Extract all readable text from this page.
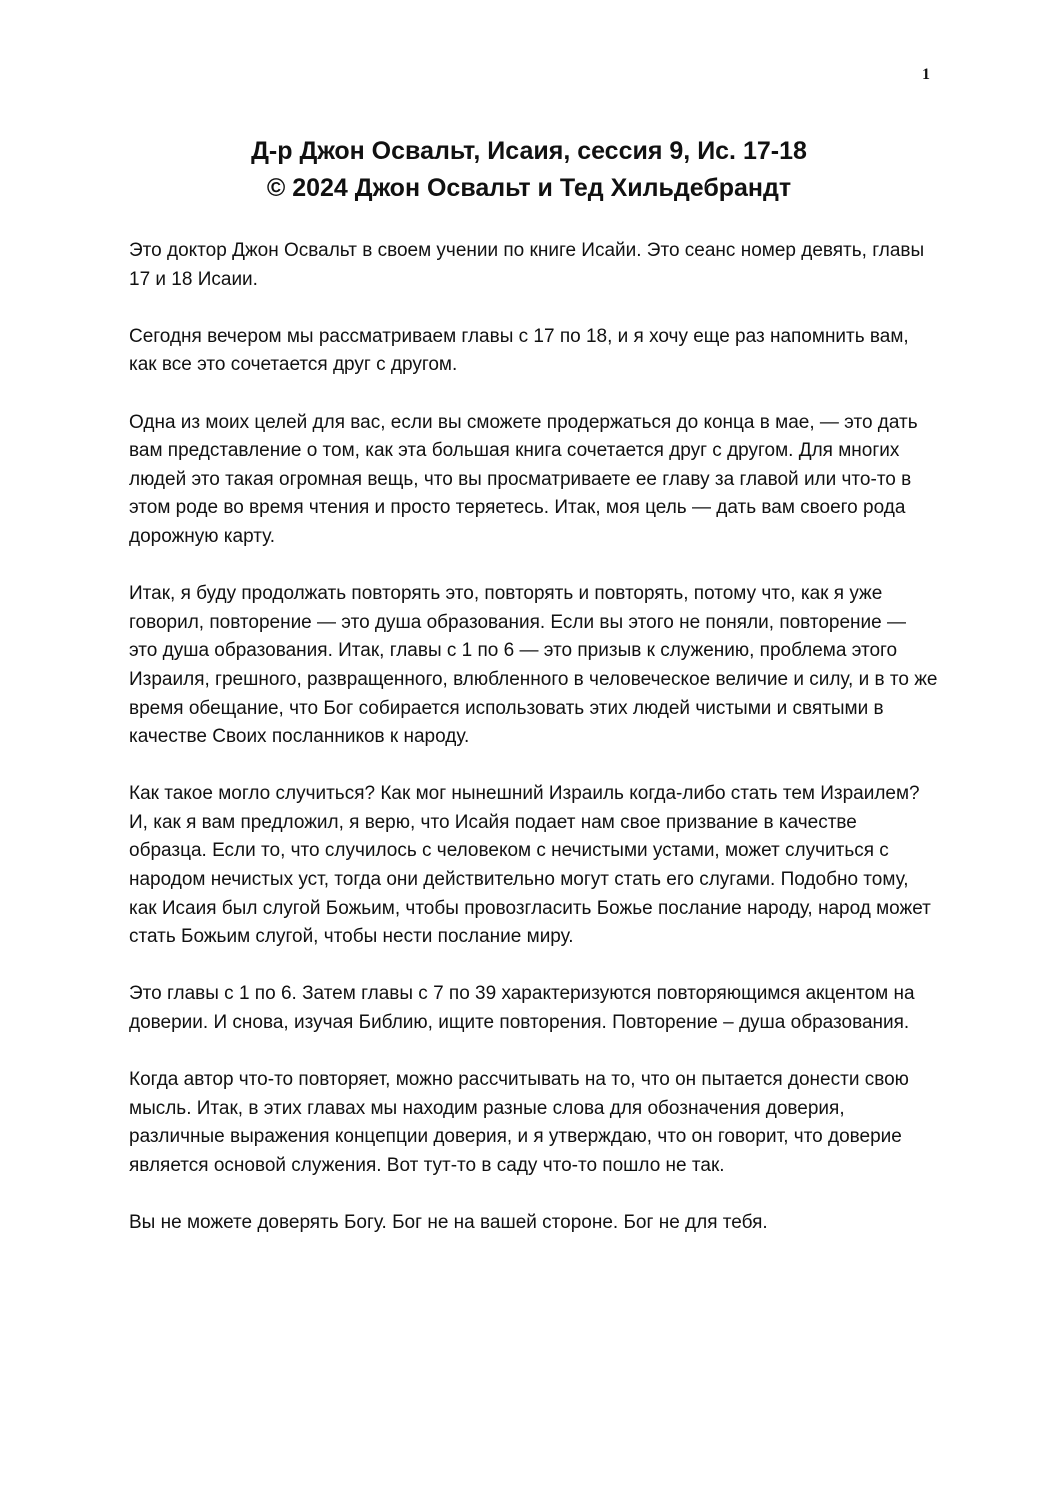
1
Д-р Джон Освальт, Исаия, сессия 9, Ис. 17-18
© 2024 Джон Освальт и Тед Хильдебрандт

Это доктор Джон Освальт в своем учении по книге Исайи. Это сеанс номер девять, главы 17 и 18 Исаии.

Сегодня вечером мы рассматриваем главы с 17 по 18, и я хочу еще раз напомнить вам, как все это сочетается друг с другом.

Одна из моих целей для вас, если вы сможете продержаться до конца в мае, — это дать вам представление о том, как эта большая книга сочетается друг с другом. Для многих людей это такая огромная вещь, что вы просматриваете ее главу за главой или что-то в этом роде во время чтения и просто теряетесь. Итак, моя цель — дать вам своего рода дорожную карту.

Итак, я буду продолжать повторять это, повторять и повторять, потому что, как я уже говорил, повторение — это душа образования. Если вы этого не поняли, повторение — это душа образования. Итак, главы с 1 по 6 — это призыв к служению, проблема этого Израиля, грешного, развращенного, влюбленного в человеческое величие и силу, и в то же время обещание, что Бог собирается использовать этих людей чистыми и святыми в качестве Своих посланников к народу.

Как такое могло случиться? Как мог нынешний Израиль когда-либо стать тем Израилем? И, как я вам предложил, я верю, что Исайя подает нам свое призвание в качестве образца. Если то, что случилось с человеком с нечистыми устами, может случиться с народом нечистых уст, тогда они действительно могут стать его слугами. Подобно тому, как Исаия был слугой Божьим, чтобы провозгласить Божье послание народу, народ может стать Божьим слугой, чтобы нести послание миру.

Это главы с 1 по 6. Затем главы с 7 по 39 характеризуются повторяющимся акцентом на доверии. И снова, изучая Библию, ищите повторения. Повторение – душа образования.

Когда автор что-то повторяет, можно рассчитывать на то, что он пытается донести свою мысль. Итак, в этих главах мы находим разные слова для обозначения доверия, различные выражения концепции доверия, и я утверждаю, что он говорит, что доверие является основой служения. Вот тут-то в саду что-то пошло не так.

Вы не можете доверять Богу. Бог не на вашей стороне. Бог не для тебя.
